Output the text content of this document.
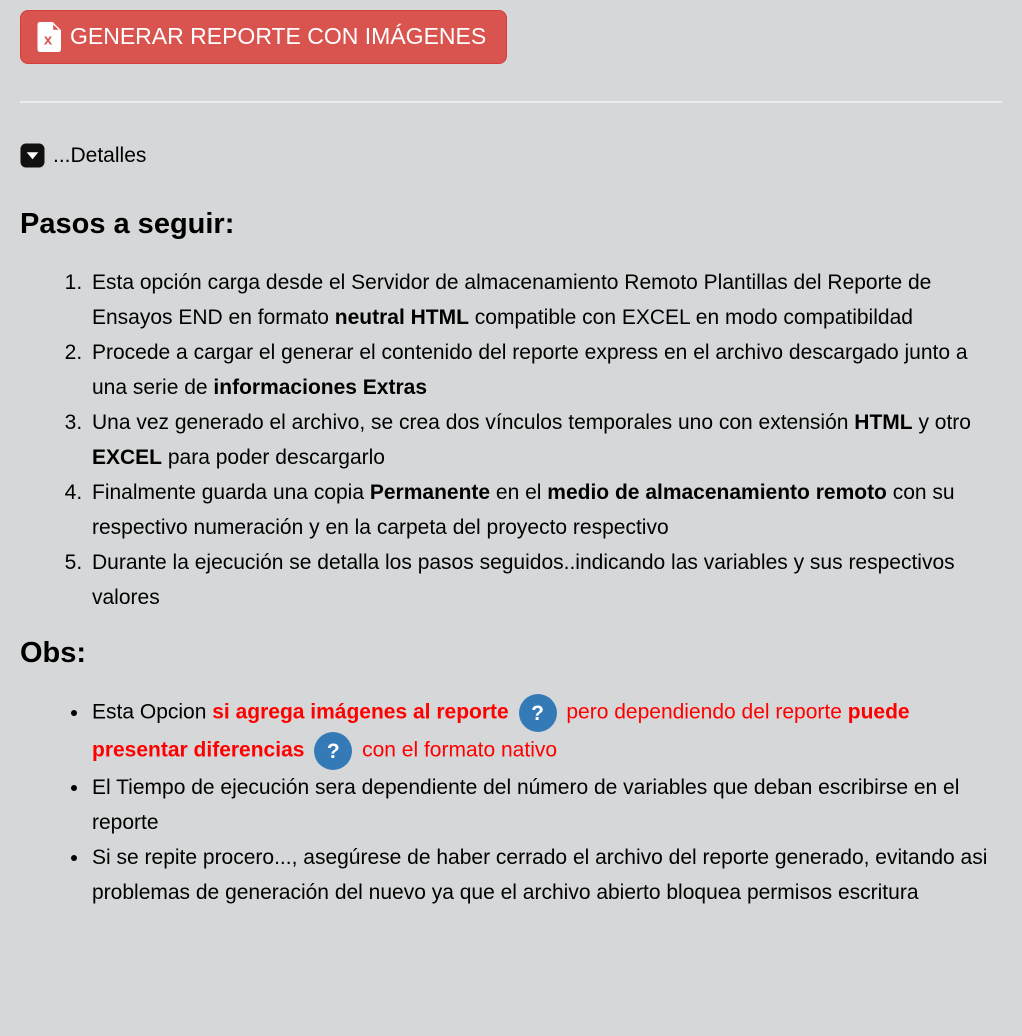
x GENERAR REPORTE CON IMÁGENES
...Detalles
Pasos a seguir:
1. Esta opción carga desde el Servidor de almacenamiento Remoto Plantillas del Reporte de Ensayos END en formato neutral HTML compatible con EXCEL en modo compatibildad
2. Procede a cargar el generar el contenido del reporte express en el archivo descargado junto a una serie de informaciones Extras
3. Una vez generado el archivo, se crea dos vínculos temporales uno con extensión HTML y otro EXCEL para poder descargarlo
4. Finalmente guarda una copia Permanente en el medio de almacenamiento remoto con su respectivo numeración y en la carpeta del proyecto respectivo
5. Durante la ejecución se detalla los pasos seguidos..indicando las variables y sus respectivos valores
Obs:
• Esta Opcion si agrega imágenes al reporte ? pero dependiendo del reporte puede presentar diferencias ? con el formato nativo
• El Tiempo de ejecución sera dependiente del número de variables que deban escribirse en el reporte
• Si se repite procero..., asegúrese de haber cerrado el archivo del reporte generado, evitando asi problemas de generación del nuevo ya que el archivo abierto bloquea permisos escritura
